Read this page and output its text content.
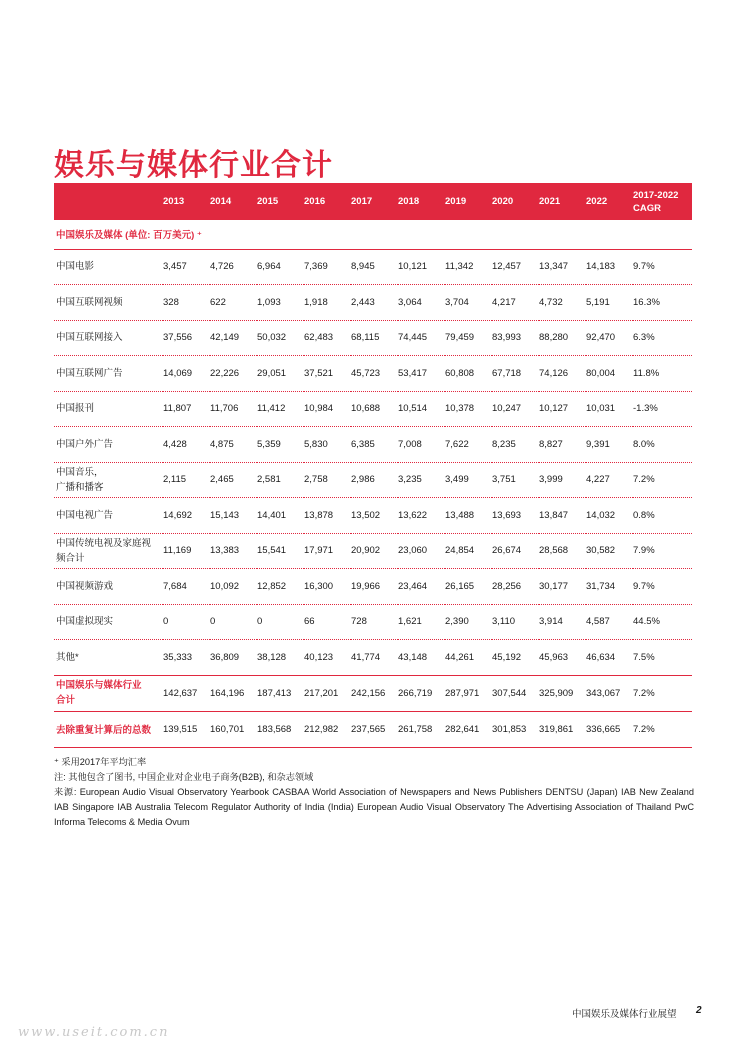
娱乐与媒体行业合计
	2013	2014	2015	2016	2017	2018	2019	2020	2021	2022	2017-2022
CAGR

中国娱乐及媒体 (单位: 百万美元) ⁺											
中国电影	3,457	4,726	6,964	7,369	8,945	10,121	11,342	12,457	13,347	14,183	9.7%
中国互联网视频	328	622	1,093	1,918	2,443	3,064	3,704	4,217	4,732	5,191	16.3%
中国互联网接入	37,556	42,149	50,032	62,483	68,115	74,445	79,459	83,993	88,280	92,470	6.3%
中国互联网广告	14,069	22,226	29,051	37,521	45,723	53,417	60,808	67,718	74,126	80,004	11.8%
中国报刊	11,807	11,706	11,412	10,984	10,688	10,514	10,378	10,247	10,127	10,031	-1.3%
中国户外广告	4,428	4,875	5,359	5,830	6,385	7,008	7,622	8,235	8,827	9,391	8.0%
中国音乐，
广播和播客	2,115	2,465	2,581	2,758	2,986	3,235	3,499	3,751	3,999	4,227	7.2%
中国电视广告	14,692	15,143	14,401	13,878	13,502	13,622	13,488	13,693	13,847	14,032	0.8%
中国传统电视及家庭视
频合计	11,169	13,383	15,541	17,971	20,902	23,060	24,854	26,674	28,568	30,582	7.9%
中国视频游戏	7,684	10,092	12,852	16,300	19,966	23,464	26,165	28,256	30,177	31,734	9.7%
中国虚拟现实	0	0	0	66	728	1,621	2,390	3,110	3,914	4,587	44.5%
其他*	35,333	36,809	38,128	40,123	41,774	43,148	44,261	45,192	45,963	46,634	7.5%
中国娱乐与媒体行业
合计	142,637	164,196	187,413	217,201	242,156	266,719	287,971	307,544	325,909	343,067	7.2%
去除重复计算后的总数	139,515	160,701	183,568	212,982	237,565	261,758	282,641	301,853	319,861	336,665	7.2%

⁺ 采用2017年平均汇率

注: 其他包含了图书, 中国企业对企业电子商务(B2B), 和杂志领域

来源: European Audio Visual Observatory Yearbook CASBAA World Association of Newspapers and News Publishers DENTSU (Japan) IAB New Zealand IAB Singapore IAB Australia Telecom Regulator Authority of India (India) European Audio Visual Observatory The Advertising Association of Thailand PwC Informa Telecoms & Media Ovum

中国娱乐及媒体行业展望 2
www.useit.com.cn
